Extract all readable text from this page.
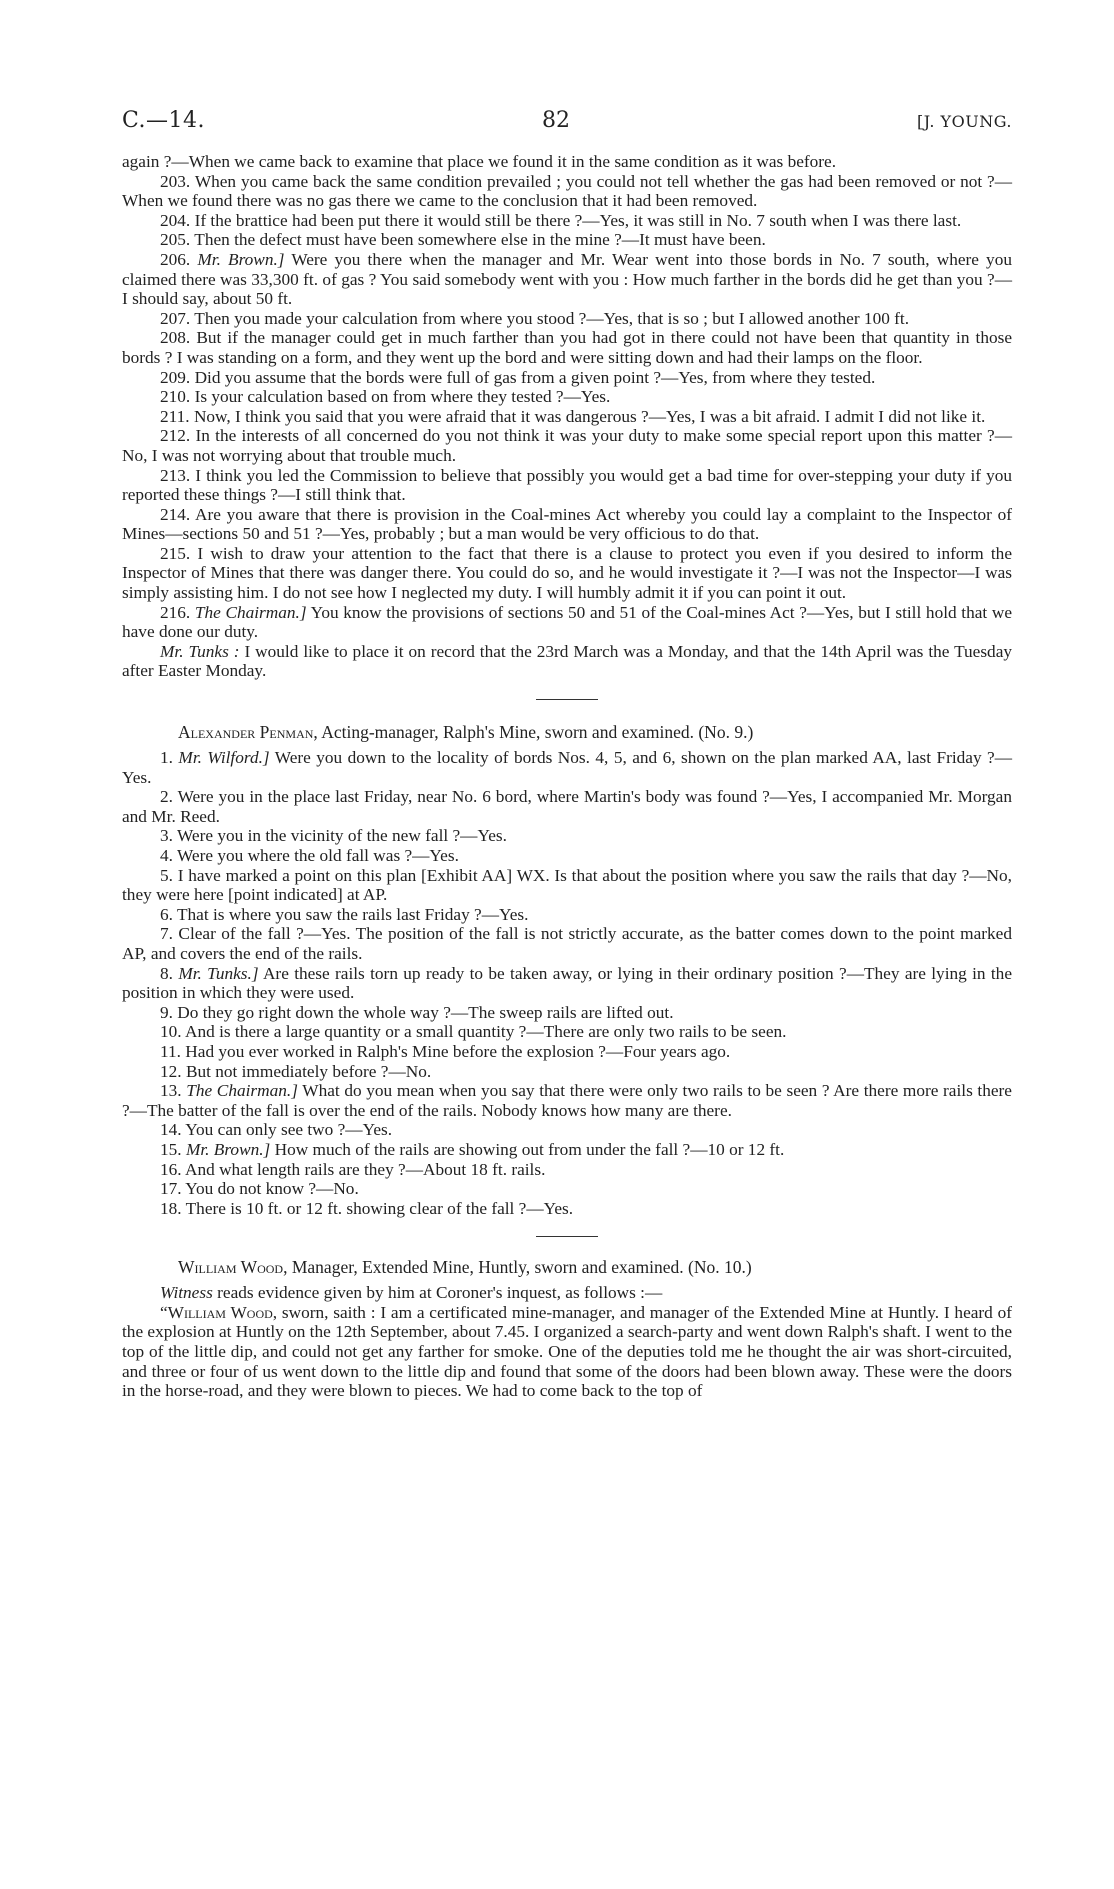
C.—14.	82	[J. YOUNG.

again ?—When we came back to examine that place we found it in the same condition as it was before.

203. When you came back the same condition prevailed ; you could not tell whether the gas had been removed or not ?—When we found there was no gas there we came to the conclusion that it had been removed.

204. If the brattice had been put there it would still be there ?—Yes, it was still in No. 7 south when I was there last.

205. Then the defect must have been somewhere else in the mine ?—It must have been.

206. Mr. Brown.] Were you there when the manager and Mr. Wear went into those bords in No. 7 south, where you claimed there was 33,300 ft. of gas ? You said somebody went with you : How much farther in the bords did he get than you ?—I should say, about 50 ft.

207. Then you made your calculation from where you stood ?—Yes, that is so ; but I allowed another 100 ft.

208. But if the manager could get in much farther than you had got in there could not have been that quantity in those bords ? I was standing on a form, and they went up the bord and were sitting down and had their lamps on the floor.

209. Did you assume that the bords were full of gas from a given point ?—Yes, from where they tested.

210. Is your calculation based on from where they tested ?—Yes.

211. Now, I think you said that you were afraid that it was dangerous ?—Yes, I was a bit afraid. I admit I did not like it.

212. In the interests of all concerned do you not think it was your duty to make some special report upon this matter ?—No, I was not worrying about that trouble much.

213. I think you led the Commission to believe that possibly you would get a bad time for over-stepping your duty if you reported these things ?—I still think that.

214. Are you aware that there is provision in the Coal-mines Act whereby you could lay a complaint to the Inspector of Mines—sections 50 and 51 ?—Yes, probably ; but a man would be very officious to do that.

215. I wish to draw your attention to the fact that there is a clause to protect you even if you desired to inform the Inspector of Mines that there was danger there. You could do so, and he would investigate it ?—I was not the Inspector—I was simply assisting him. I do not see how I neglected my duty. I will humbly admit it if you can point it out.

216. The Chairman.] You know the provisions of sections 50 and 51 of the Coal-mines Act ?—Yes, but I still hold that we have done our duty.

Mr. Tunks : I would like to place it on record that the 23rd March was a Monday, and that the 14th April was the Tuesday after Easter Monday.

Alexander Penman, Acting-manager, Ralph's Mine, sworn and examined. (No. 9.)

1. Mr. Wilford.] Were you down to the locality of bords Nos. 4, 5, and 6, shown on the plan marked AA, last Friday ?—Yes.

2. Were you in the place last Friday, near No. 6 bord, where Martin's body was found ?—Yes, I accompanied Mr. Morgan and Mr. Reed.

3. Were you in the vicinity of the new fall ?—Yes.

4. Were you where the old fall was ?—Yes.

5. I have marked a point on this plan [Exhibit AA] WX. Is that about the position where you saw the rails that day ?—No, they were here [point indicated] at AP.

6. That is where you saw the rails last Friday ?—Yes.

7. Clear of the fall ?—Yes. The position of the fall is not strictly accurate, as the batter comes down to the point marked AP, and covers the end of the rails.

8. Mr. Tunks.] Are these rails torn up ready to be taken away, or lying in their ordinary position ?—They are lying in the position in which they were used.

9. Do they go right down the whole way ?—The sweep rails are lifted out.

10. And is there a large quantity or a small quantity ?—There are only two rails to be seen.

11. Had you ever worked in Ralph's Mine before the explosion ?—Four years ago.

12. But not immediately before ?—No.

13. The Chairman.] What do you mean when you say that there were only two rails to be seen ? Are there more rails there ?—The batter of the fall is over the end of the rails. Nobody knows how many are there.

14. You can only see two ?—Yes.

15. Mr. Brown.] How much of the rails are showing out from under the fall ?—10 or 12 ft.

16. And what length rails are they ?—About 18 ft. rails.

17. You do not know ?—No.

18. There is 10 ft. or 12 ft. showing clear of the fall ?—Yes.

William Wood, Manager, Extended Mine, Huntly, sworn and examined. (No. 10.)

Witness reads evidence given by him at Coroner's inquest, as follows :—

“William Wood, sworn, saith : I am a certificated mine-manager, and manager of the Extended Mine at Huntly. I heard of the explosion at Huntly on the 12th September, about 7.45. I organized a search-party and went down Ralph's shaft. I went to the top of the little dip, and could not get any farther for smoke. One of the deputies told me he thought the air was short-circuited, and three or four of us went down to the little dip and found that some of the doors had been blown away. These were the doors in the horse-road, and they were blown to pieces. We had to come back to the top of
